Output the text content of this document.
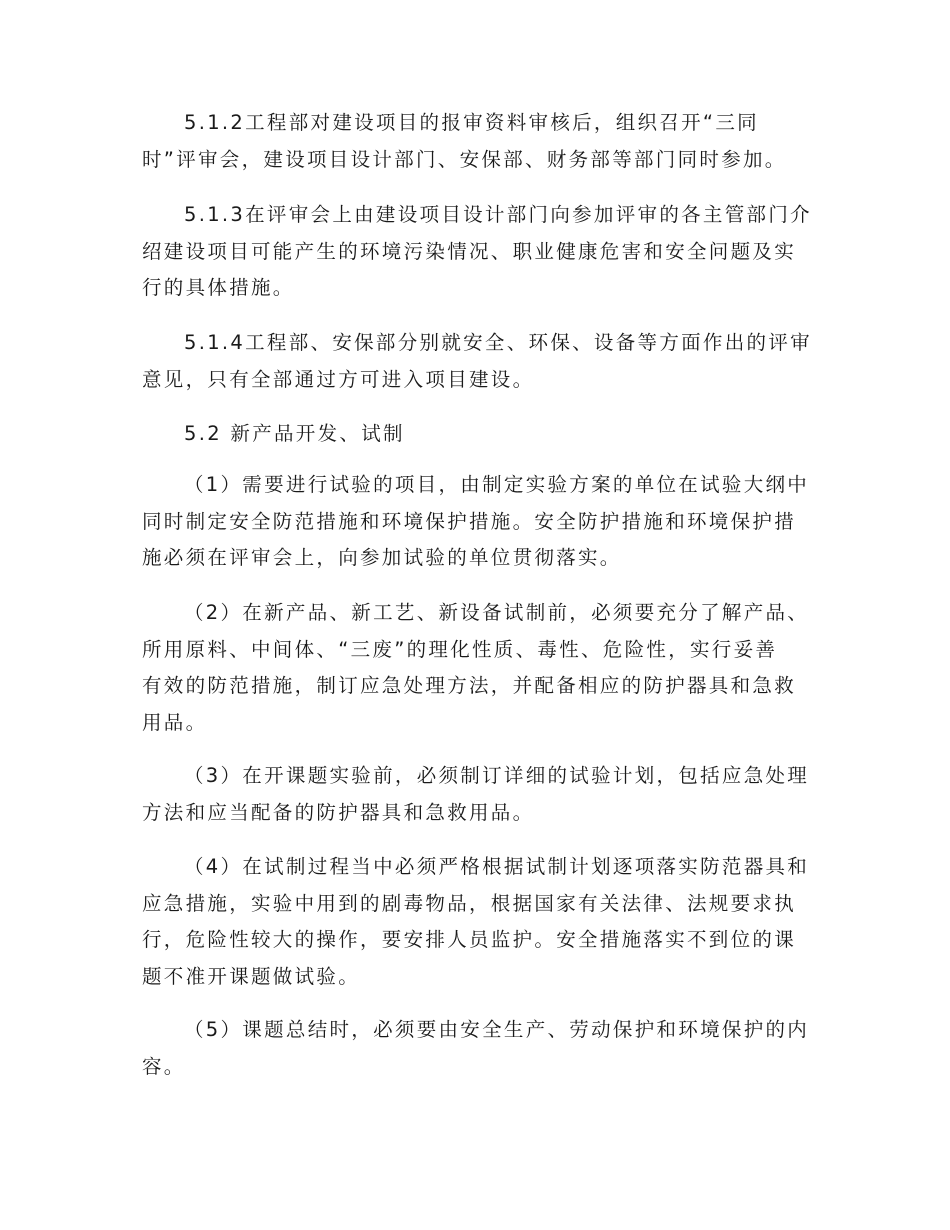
5.1.2工程部对建设项目的报审资料审核后，组织召开“三同
时”评审会，建设项目设计部门、安保部、财务部等部门同时参加。
5.1.3在评审会上由建设项目设计部门向参加评审的各主管部门介
绍建设项目可能产生的环境污染情况、职业健康危害和安全问题及实
行的具体措施。
5.1.4工程部、安保部分别就安全、环保、设备等方面作出的评审
意见，只有全部通过方可进入项目建设。
5.2 新产品开发、试制
（1）需要进行试验的项目，由制定实验方案的单位在试验大纲中
同时制定安全防范措施和环境保护措施。安全防护措施和环境保护措
施必须在评审会上，向参加试验的单位贯彻落实。
（2）在新产品、新工艺、新设备试制前，必须要充分了解产品、
所用原料、中间体、“三废”的理化性质、毒性、危险性，实行妥善
有效的防范措施，制订应急处理方法，并配备相应的防护器具和急救
用品。
（3）在开课题实验前，必须制订详细的试验计划，包括应急处理
方法和应当配备的防护器具和急救用品。
（4）在试制过程当中必须严格根据试制计划逐项落实防范器具和
应急措施，实验中用到的剧毒物品，根据国家有关法律、法规要求执
行，危险性较大的操作，要安排人员监护。安全措施落实不到位的课
题不准开课题做试验。
（5）课题总结时，必须要由安全生产、劳动保护和环境保护的内
容。
